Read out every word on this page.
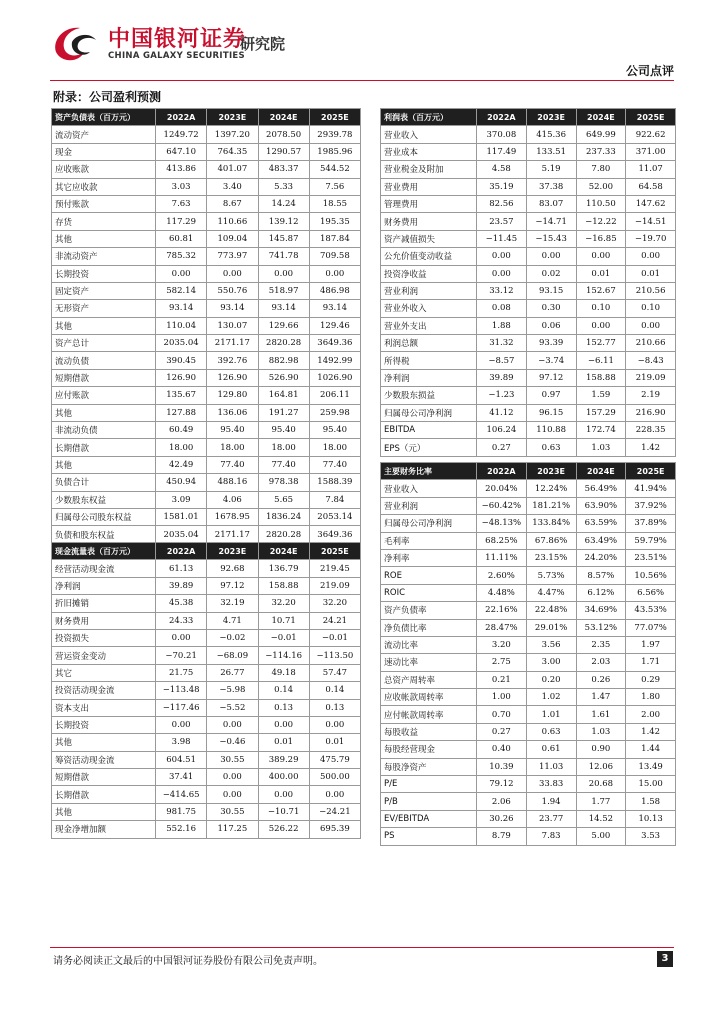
中国银河证券
研究院
CHINA GALAXY SECURITIES
公司点评
附录：公司盈利预测
资产负债表（百万元）	2022A	2023E	2024E	2025E
流动资产	1249.72	1397.20	2078.50	2939.78
现金	647.10	764.35	1290.57	1985.96
应收账款	413.86	401.07	483.37	544.52
其它应收款	3.03	3.40	5.33	7.56
预付账款	7.63	8.67	14.24	18.55
存货	117.29	110.66	139.12	195.35
其他	60.81	109.04	145.87	187.84
非流动资产	785.32	773.97	741.78	709.58
长期投资	0.00	0.00	0.00	0.00
固定资产	582.14	550.76	518.97	486.98
无形资产	93.14	93.14	93.14	93.14
其他	110.04	130.07	129.66	129.46
资产总计	2035.04	2171.17	2820.28	3649.36
流动负债	390.45	392.76	882.98	1492.99
短期借款	126.90	126.90	526.90	1026.90
应付账款	135.67	129.80	164.81	206.11
其他	127.88	136.06	191.27	259.98
非流动负债	60.49	95.40	95.40	95.40
长期借款	18.00	18.00	18.00	18.00
其他	42.49	77.40	77.40	77.40
负债合计	450.94	488.16	978.38	1588.39
少数股东权益	3.09	4.06	5.65	7.84
归属母公司股东权益	1581.01	1678.95	1836.24	2053.14
负债和股东权益	2035.04	2171.17	2820.28	3649.36
利润表（百万元）	2022A	2023E	2024E	2025E
营业收入	370.08	415.36	649.99	922.62
营业成本	117.49	133.51	237.33	371.00
营业税金及附加	4.58	5.19	7.80	11.07
营业费用	35.19	37.38	52.00	64.58
管理费用	82.56	83.07	110.50	147.62
财务费用	23.57	−14.71	−12.22	−14.51
资产减值损失	−11.45	−15.43	−16.85	−19.70
公允价值变动收益	0.00	0.00	0.00	0.00
投资净收益	0.00	0.02	0.01	0.01
营业利润	33.12	93.15	152.67	210.56
营业外收入	0.08	0.30	0.10	0.10
营业外支出	1.88	0.06	0.00	0.00
利润总额	31.32	93.39	152.77	210.66
所得税	−8.57	−3.74	−6.11	−8.43
净利润	39.89	97.12	158.88	219.09
少数股东损益	−1.23	0.97	1.59	2.19
归属母公司净利润	41.12	96.15	157.29	216.90
EBITDA	106.24	110.88	172.74	228.35
EPS（元）	0.27	0.63	1.03	1.42
现金流量表（百万元）	2022A	2023E	2024E	2025E
经营活动现金流	61.13	92.68	136.79	219.45
净利润	39.89	97.12	158.88	219.09
折旧摊销	45.38	32.19	32.20	32.20
财务费用	24.33	4.71	10.71	24.21
投资损失	0.00	−0.02	−0.01	−0.01
营运资金变动	−70.21	−68.09	−114.16	−113.50
其它	21.75	26.77	49.18	57.47
投资活动现金流	−113.48	−5.98	0.14	0.14
资本支出	−117.46	−5.52	0.13	0.13
长期投资	0.00	0.00	0.00	0.00
其他	3.98	−0.46	0.01	0.01
筹资活动现金流	604.51	30.55	389.29	475.79
短期借款	37.41	0.00	400.00	500.00
长期借款	−414.65	0.00	0.00	0.00
其他	981.75	30.55	−10.71	−24.21
现金净增加额	552.16	117.25	526.22	695.39
主要财务比率	2022A	2023E	2024E	2025E
营业收入	20.04%	12.24%	56.49%	41.94%
营业利润	−60.42%	181.21%	63.90%	37.92%
归属母公司净利润	−48.13%	133.84%	63.59%	37.89%
毛利率	68.25%	67.86%	63.49%	59.79%
净利率	11.11%	23.15%	24.20%	23.51%
ROE	2.60%	5.73%	8.57%	10.56%
ROIC	4.48%	4.47%	6.12%	6.56%
资产负债率	22.16%	22.48%	34.69%	43.53%
净负债比率	28.47%	29.01%	53.12%	77.07%
流动比率	3.20	3.56	2.35	1.97
速动比率	2.75	3.00	2.03	1.71
总资产周转率	0.21	0.20	0.26	0.29
应收帐款周转率	1.00	1.02	1.47	1.80
应付帐款周转率	0.70	1.01	1.61	2.00
每股收益	0.27	0.63	1.03	1.42
每股经营现金	0.40	0.61	0.90	1.44
每股净资产	10.39	11.03	12.06	13.49
P/E	79.12	33.83	20.68	15.00
P/B	2.06	1.94	1.77	1.58
EV/EBITDA	30.26	23.77	14.52	10.13
PS	8.79	7.83	5.00	3.53
请务必阅读正文最后的中国银河证券股份有限公司免责声明。	3
